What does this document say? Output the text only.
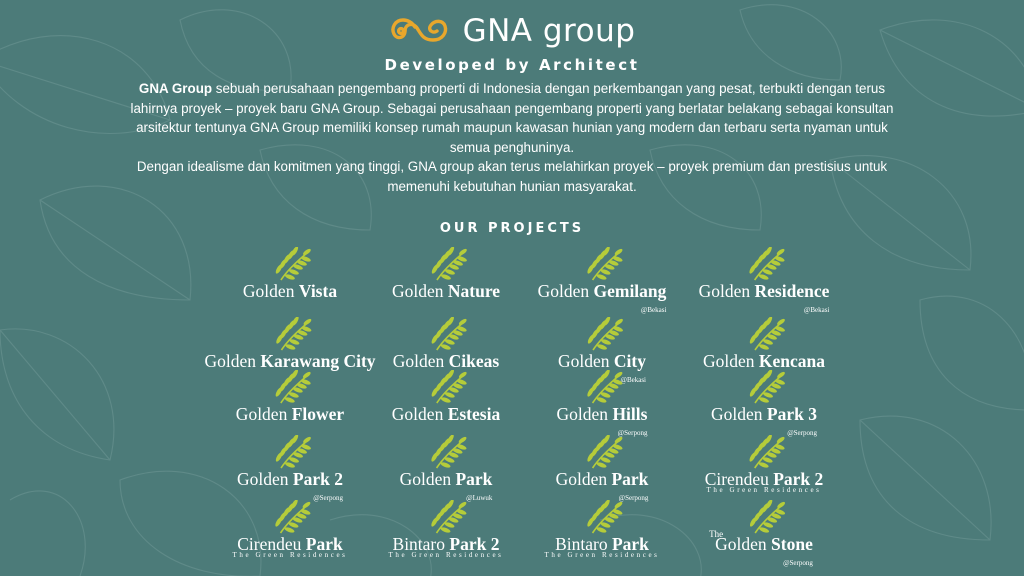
GNA group
Developed by Architect
GNA Group sebuah perusahaan pengembang properti di Indonesia dengan perkembangan yang pesat, terbukti dengan terus lahirnya proyek – proyek baru GNA Group. Sebagai perusahaan pengembang properti yang berlatar belakang sebagai konsultan arsitektur tentunya GNA Group memiliki konsep rumah maupun kawasan hunian yang modern dan terbaru serta nyaman untuk semua penghuninya.
Dengan idealisme dan komitmen yang tinggi, GNA group akan terus melahirkan proyek – proyek premium dan prestisius untuk memenuhi kebutuhan hunian masyarakat.
OUR PROJECTS
Golden Vista	Golden Nature Golden Gemilang
@Bekasi
Golden Residence
@Bekasi
Golden Karawang City Golden Cikeas	Golden City
@Bekasi
Golden Kencana
Golden Flower	Golden Estesia	Golden Hills
@Serpong
Golden Park 3
@Serpong
Golden Park 2
@Serpong
Golden Park
@Luwuk
Golden Park
@Serpong
Cirendeu Park 2
The Green Residences
Cirendeu Park
The Green Residences
Bintaro Park 2
The Green Residences
Bintaro Park
The Green Residences
The
Golden Stone
@Serpong
